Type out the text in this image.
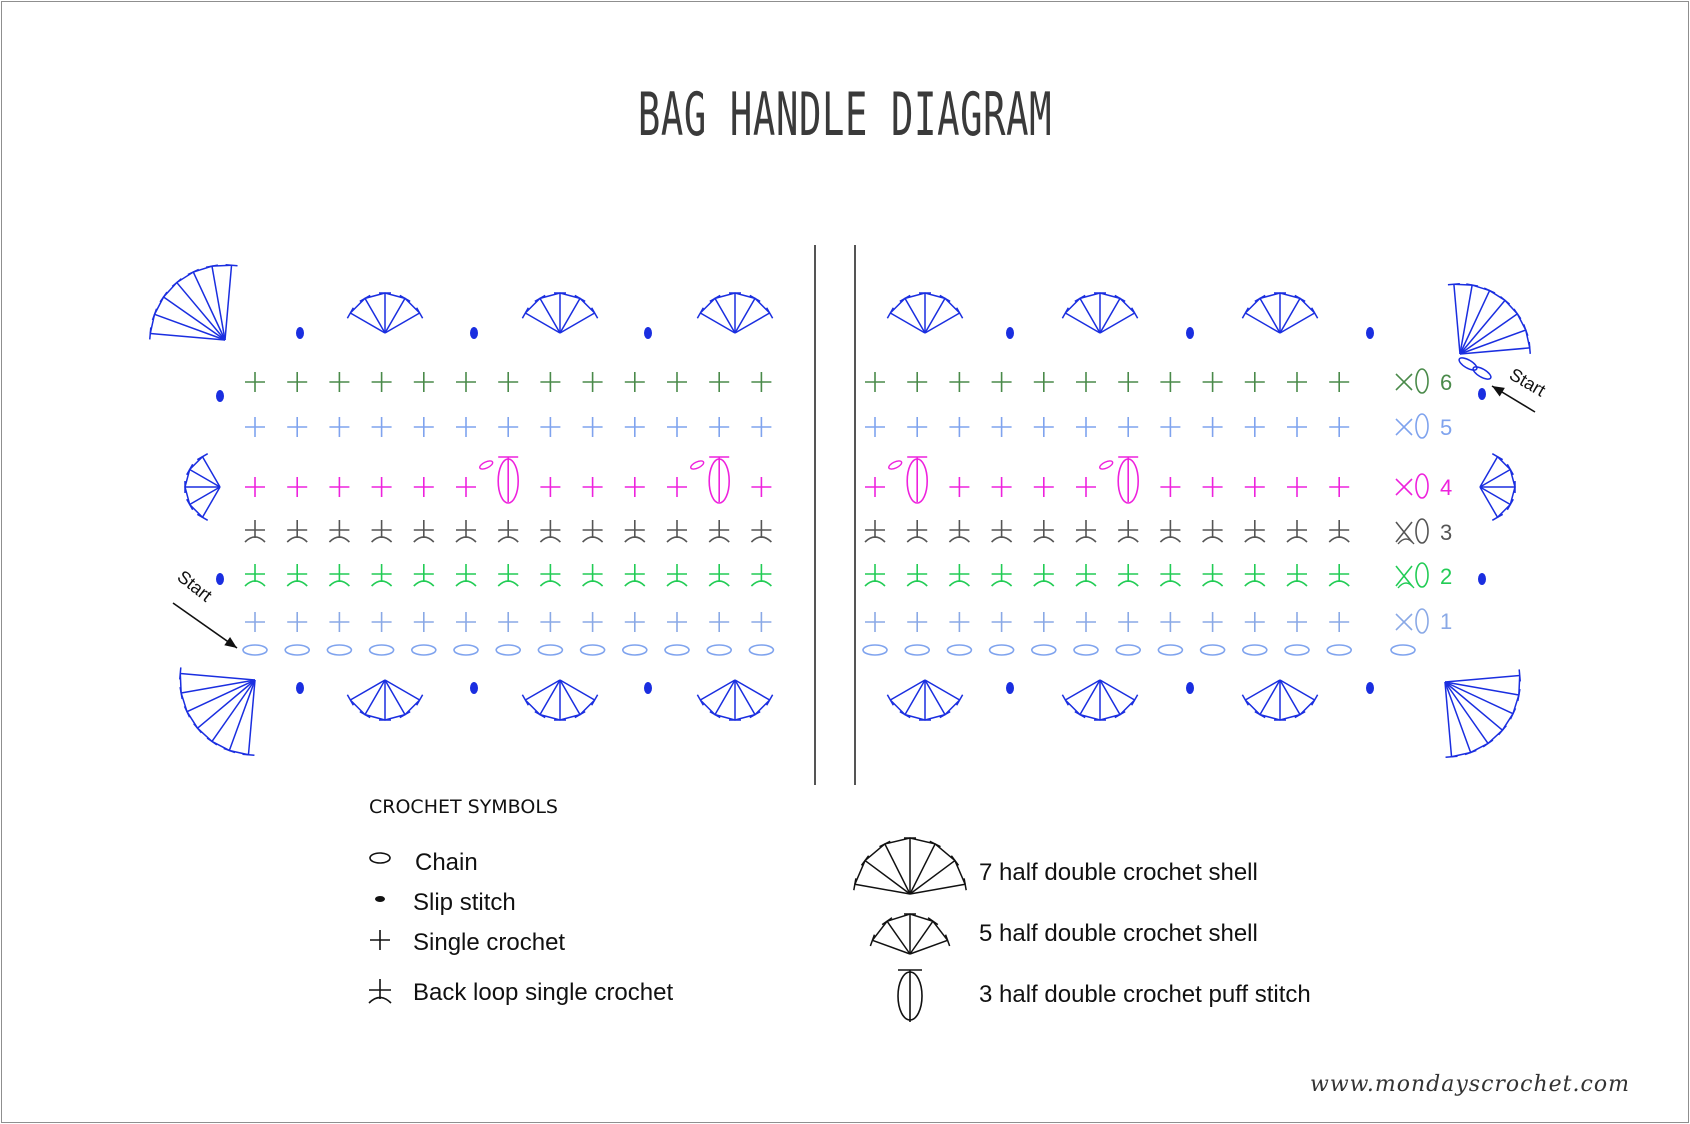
BAG HANDLE DIAGRAM
1
2
3
4
5
6	Start
Start
CROCHET SYMBOLS
Chain
Slip stitch
Single crochet
Back loop single crochet
7 half double crochet shell
5 half double crochet shell
3 half double crochet puff stitch
www.mondayscrochet.com
